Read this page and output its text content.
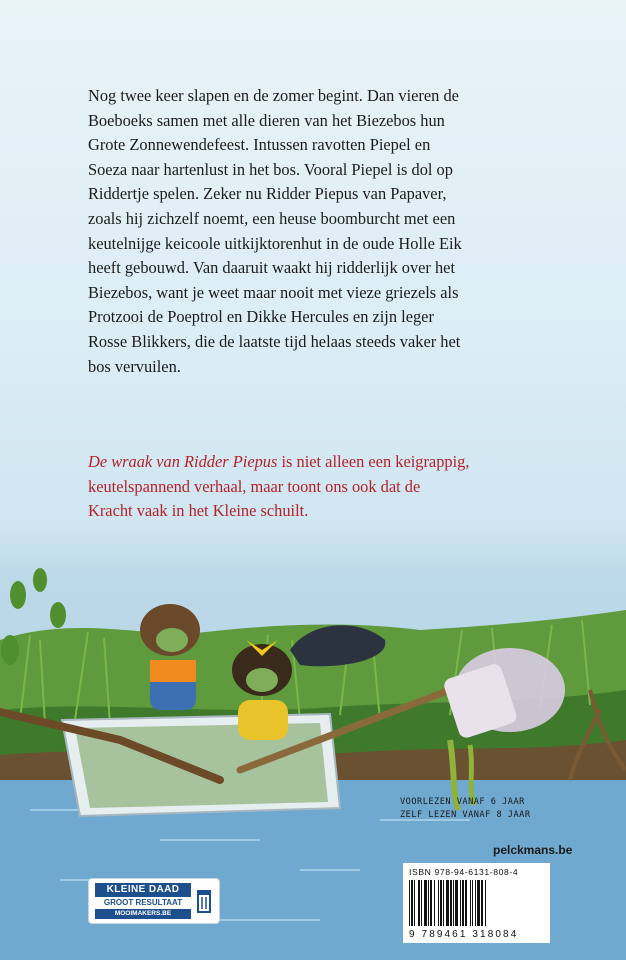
Nog twee keer slapen en de zomer begint. Dan vieren de
Boeboeks samen met alle dieren van het Biezebos hun
Grote Zonnewendefeest. Intussen ravotten Piepel en
Soeza naar hartenlust in het bos. Vooral Piepel is dol op
Riddertje spelen. Zeker nu Ridder Piepus van Papaver,
zoals hij zichzelf noemt, een heuse boomburcht met een
keutelnijge keicoole uitkijktorenhut in de oude Holle Eik
heeft gebouwd. Van daaruit waakt hij ridderlijk over het
Biezebos, want je weet maar nooit met vieze griezels als
Protzooi de Poeptrol en Dikke Hercules en zijn leger
Rosse Blikkers, die de laatste tijd helaas steeds vaker het
bos vervuilen.
De wraak van Ridder Piepus is niet alleen een keigrappig,
keutelspannend verhaal, maar toont ons ook dat de
Kracht vaak in het Kleine schuilt.
VOORLEZEN VANAF 6 JAAR
ZELF LEZEN VANAF 8 JAAR
pelckmans.be
KLEINE DAAD
GROOT RESULTAAT
MOOIMAKERS.BE
ISBN 978-94-6131-808-4
9 789461 318084
